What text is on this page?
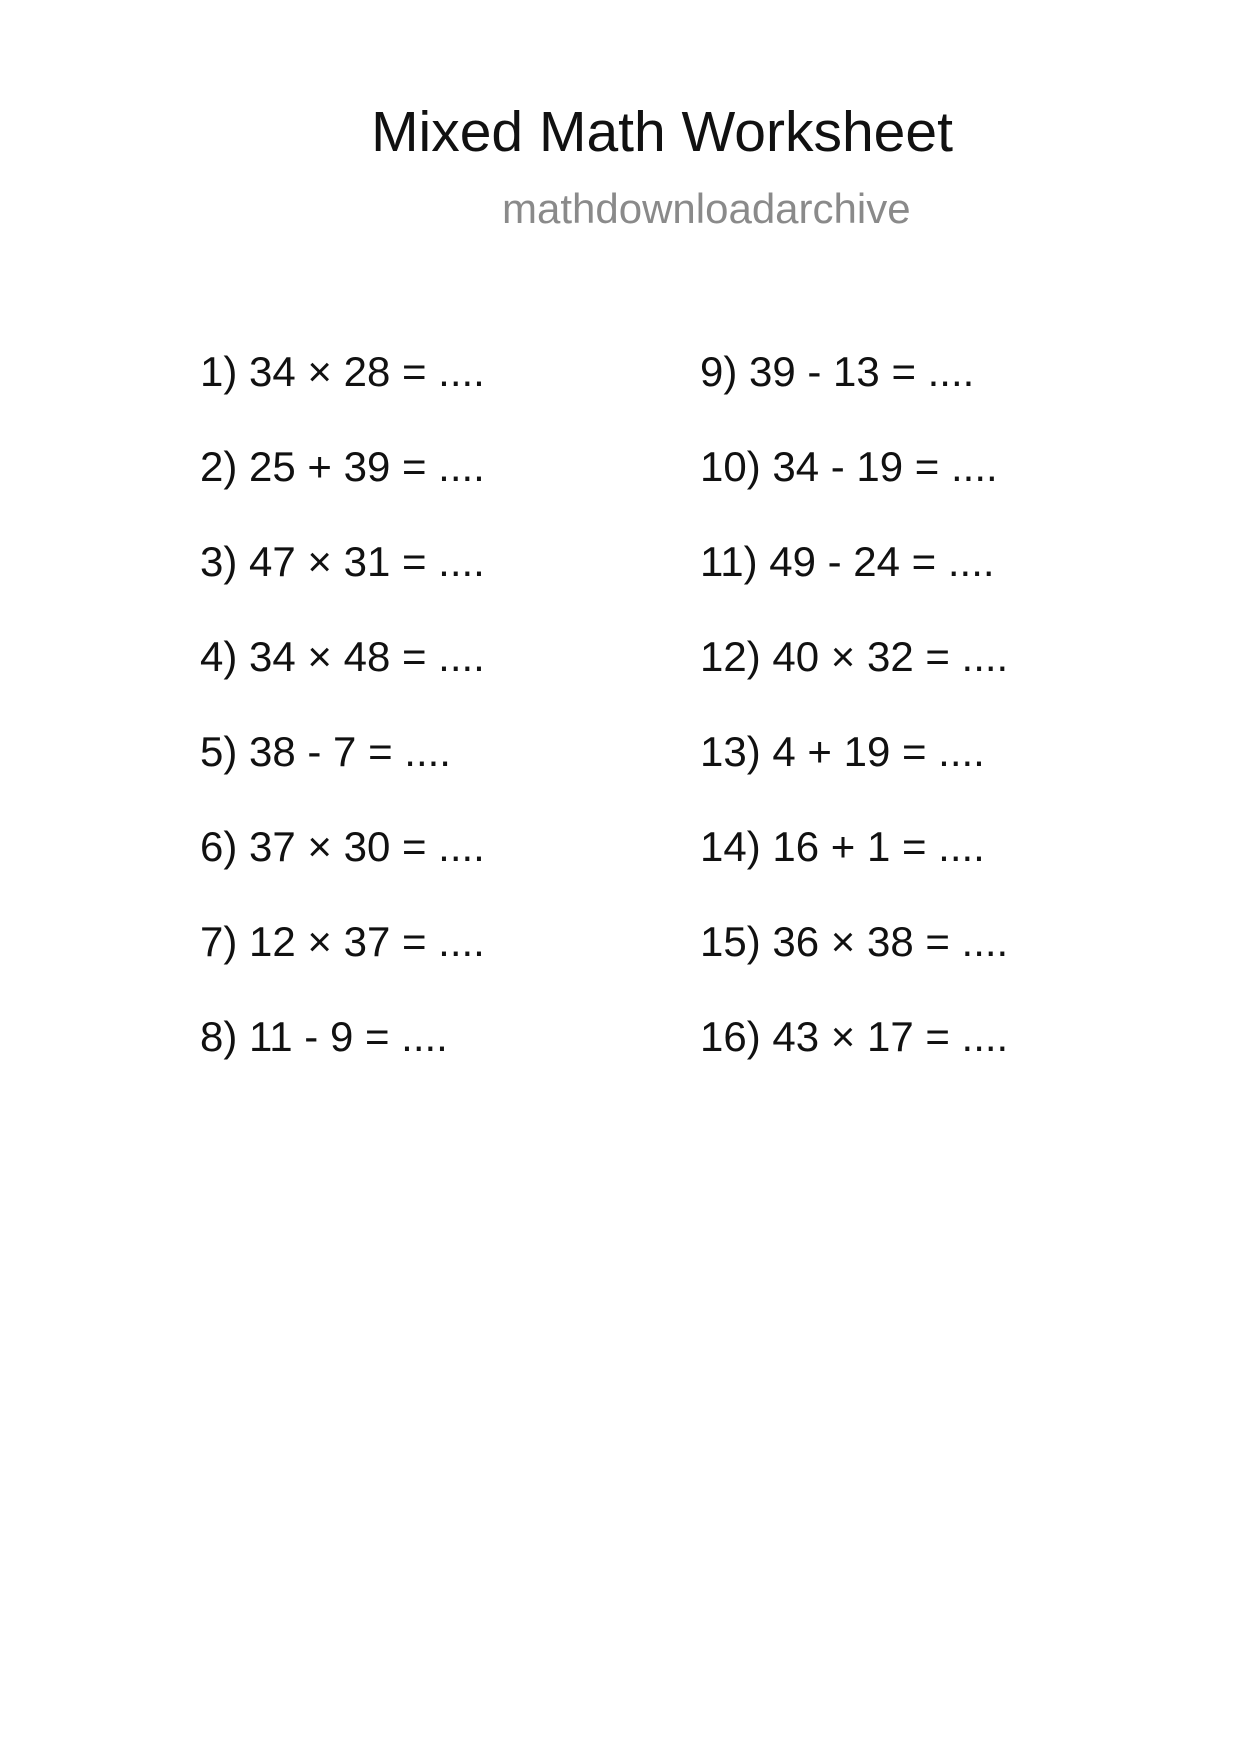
Mixed Math Worksheet
mathdownloadarchive
1) 34 × 28 = ....
2) 25 + 39 = ....
3) 47 × 31 = ....
4) 34 × 48 = ....
5) 38 - 7 = ....
6) 37 × 30 = ....
7) 12 × 37 = ....
8) 11 - 9 = ....
9) 39 - 13 = ....
10) 34 - 19 = ....
11) 49 - 24 = ....
12) 40 × 32 = ....
13) 4 + 19 = ....
14) 16 + 1 = ....
15) 36 × 38 = ....
16) 43 × 17 = ....
